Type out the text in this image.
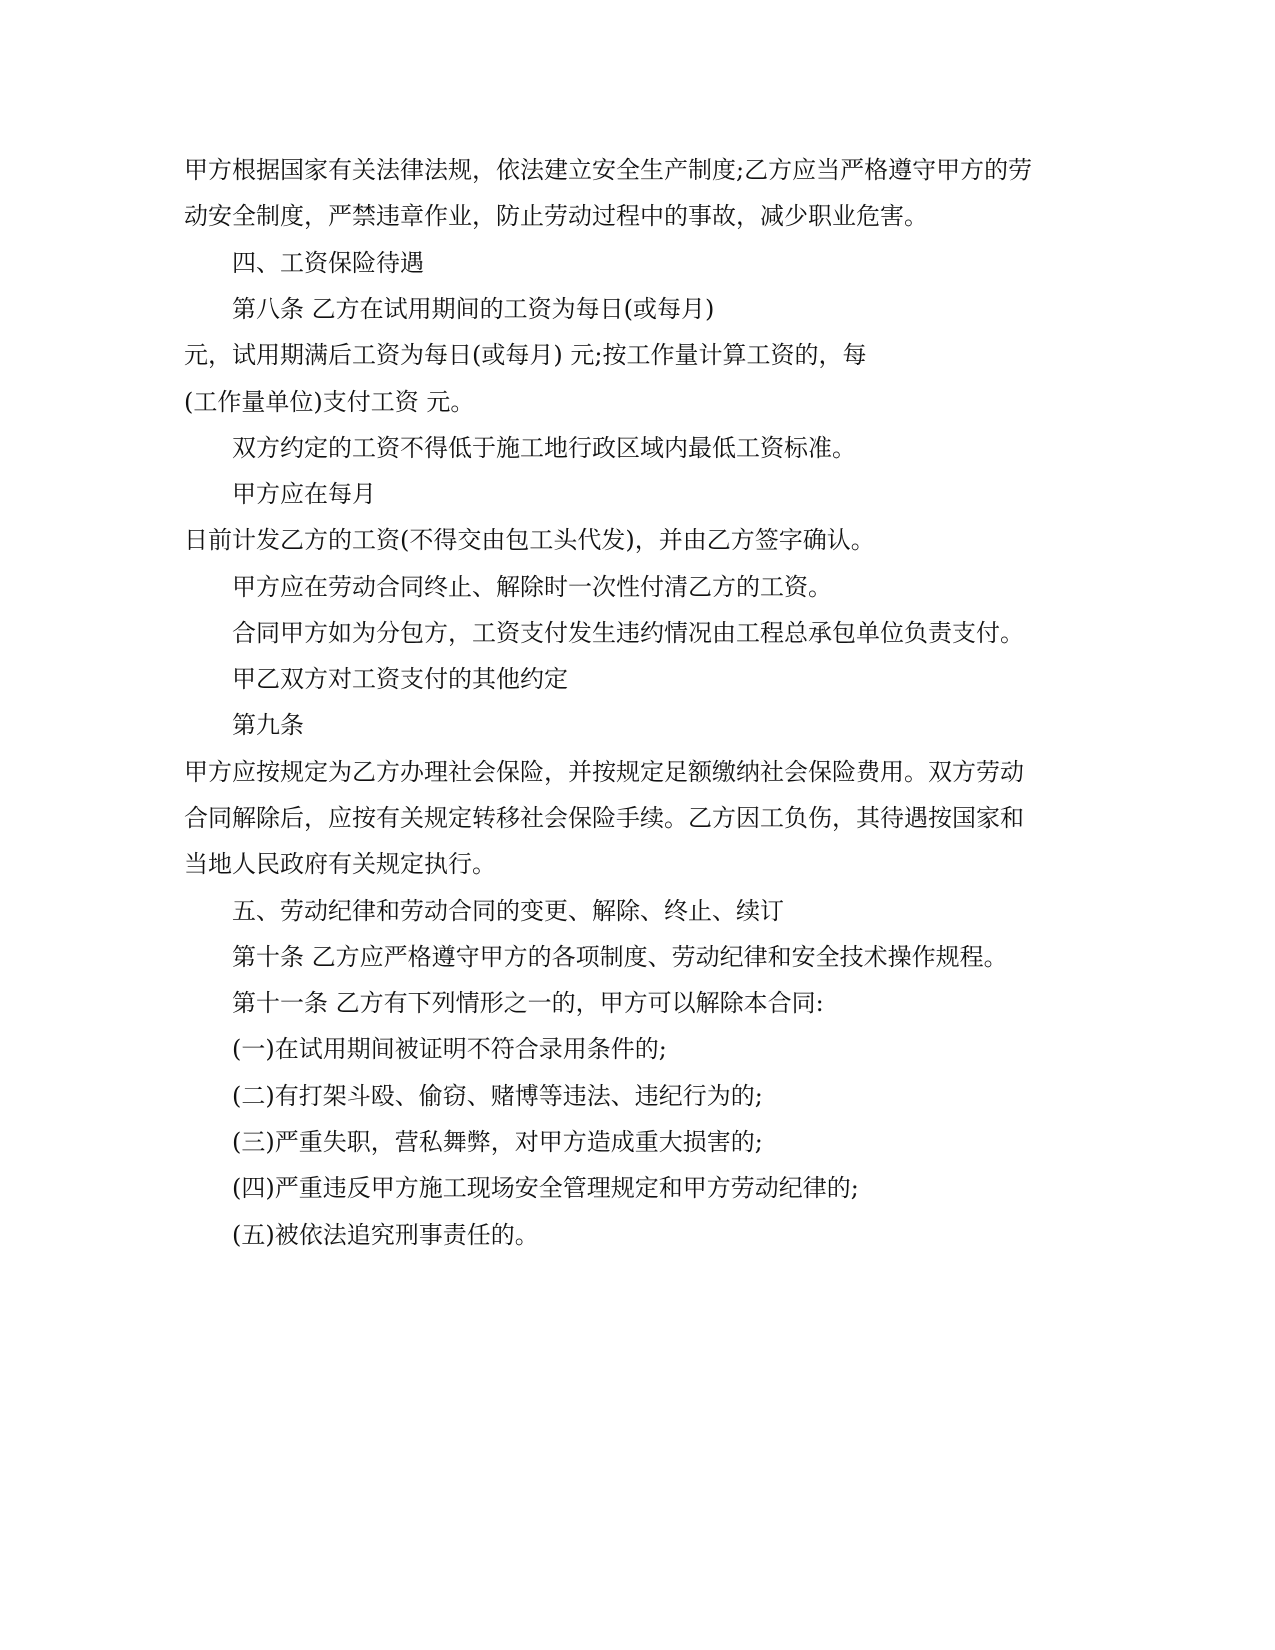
甲方根据国家有关法律法规，依法建立安全生产制度;乙方应当严格遵守甲方的劳

动安全制度，严禁违章作业，防止劳动过程中的事故，减少职业危害。

四、工资保险待遇

第八条 乙方在试用期间的工资为每日(或每月)

元，试用期满后工资为每日(或每月) 元;按工作量计算工资的，每

(工作量单位)支付工资 元。

双方约定的工资不得低于施工地行政区域内最低工资标准。

甲方应在每月

日前计发乙方的工资(不得交由包工头代发)，并由乙方签字确认。

甲方应在劳动合同终止、解除时一次性付清乙方的工资。

合同甲方如为分包方，工资支付发生违约情况由工程总承包单位负责支付。

甲乙双方对工资支付的其他约定

第九条

甲方应按规定为乙方办理社会保险，并按规定足额缴纳社会保险费用。双方劳动

合同解除后，应按有关规定转移社会保险手续。乙方因工负伤，其待遇按国家和

当地人民政府有关规定执行。

五、劳动纪律和劳动合同的变更、解除、终止、续订

第十条 乙方应严格遵守甲方的各项制度、劳动纪律和安全技术操作规程。

第十一条 乙方有下列情形之一的，甲方可以解除本合同:

(一)在试用期间被证明不符合录用条件的;

(二)有打架斗殴、偷窃、赌博等违法、违纪行为的;

(三)严重失职，营私舞弊，对甲方造成重大损害的;

(四)严重违反甲方施工现场安全管理规定和甲方劳动纪律的;

(五)被依法追究刑事责任的。
